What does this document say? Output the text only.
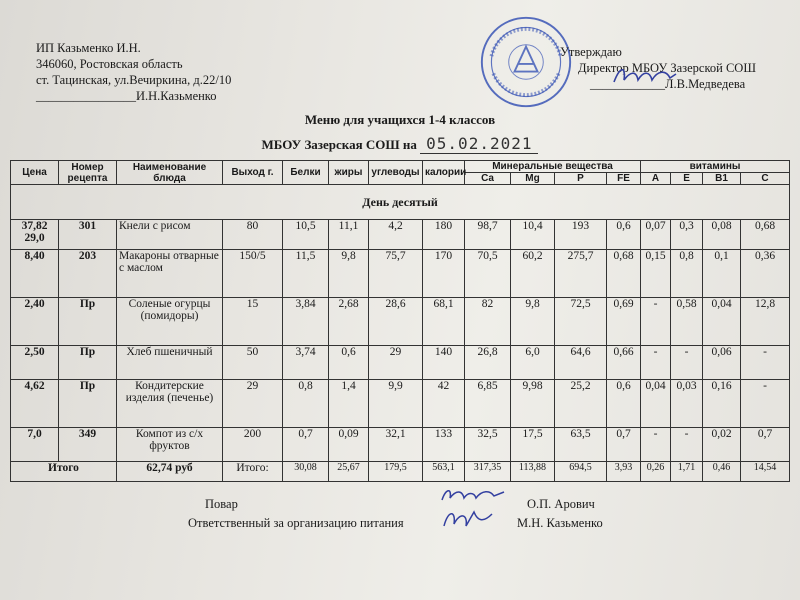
ИП Казьменко И.Н.
346060, Ростовская область
ст. Тацинская, ул.Вечиркина, д.22/10
________________И.Н.Казьменко
Утверждаю
Директор МБОУ Зазерской СОШ
____________Л.В.Медведева
Меню для учащихся 1-4 классов
МБОУ Зазерская СОШ на 05.02.2021
Цена	Номер рецепта	Наименование блюда	Выход г.	Белки	жиры	углеводы	калории	Минеральные вещества				витамины			
								Ca	Mg	P	FE	A	E	B1	C
День десятый															

37,82
29,0	301	Кнели с рисом	80	10,5	11,1	4,2	180	98,7	10,4	193	0,6	0,07	0,3	0,08	0,68
8,40	203	Макароны отварные с маслом	150/5	11,5	9,8	75,7	170	70,5	60,2	275,7	0,68	0,15	0,8	0,1	0,36
2,40	Пр	Соленые огурцы (помидоры)	15	3,84	2,68	28,6	68,1	82	9,8	72,5	0,69	-	0,58	0,04	12,8
2,50	Пр	Хлеб пшеничный	50	3,74	0,6	29	140	26,8	6,0	64,6	0,66	-	-	0,06	-
4,62	Пр	Кондитерские изделия (печенье)	29	0,8	1,4	9,9	42	6,85	9,98	25,2	0,6	0,04	0,03	0,16	-
7,0	349	Компот из с/х фруктов	200	0,7	0,09	32,1	133	32,5	17,5	63,5	0,7	-	-	0,02	0,7
Итого		62,74 руб	Итого:	30,08	25,67	179,5	563,1	317,35	113,88	694,5	3,93	0,26	1,71	0,46	14,54
Повар	О.П. Арович
Ответственный за организацию питания	М.Н. Казьменко
